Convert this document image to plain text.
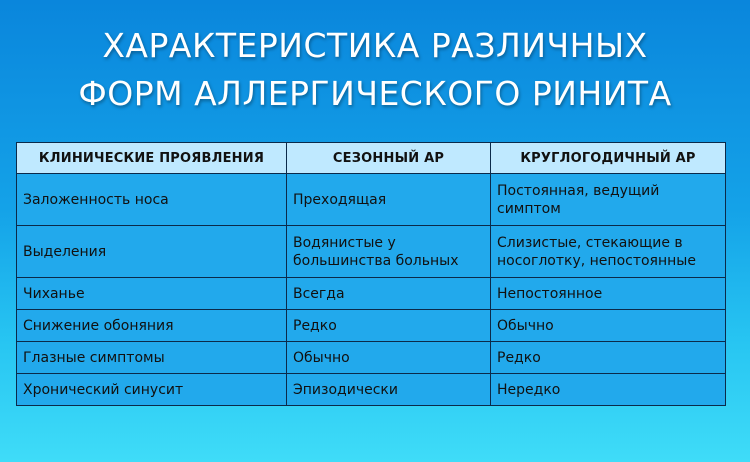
ХАРАКТЕРИСТИКА РАЗЛИЧНЫХ
ФОРМ АЛЛЕРГИЧЕСКОГО РИНИТА
КЛИНИЧЕСКИЕ ПРОЯВЛЕНИЯ	СЕЗОННЫЙ АР	КРУГЛОГОДИЧНЫЙ АР
Заложенность носа	Преходящая	Постоянная, ведущий симптом
Выделения	Водянистые у большинства больных	Слизистые, стекающие в носоглотку, непостоянные
Чиханье	Всегда	Непостоянное
Снижение обоняния	Редко	Обычно
Глазные симптомы	Обычно	Редко
Хронический синусит	Эпизодически	Нередко
